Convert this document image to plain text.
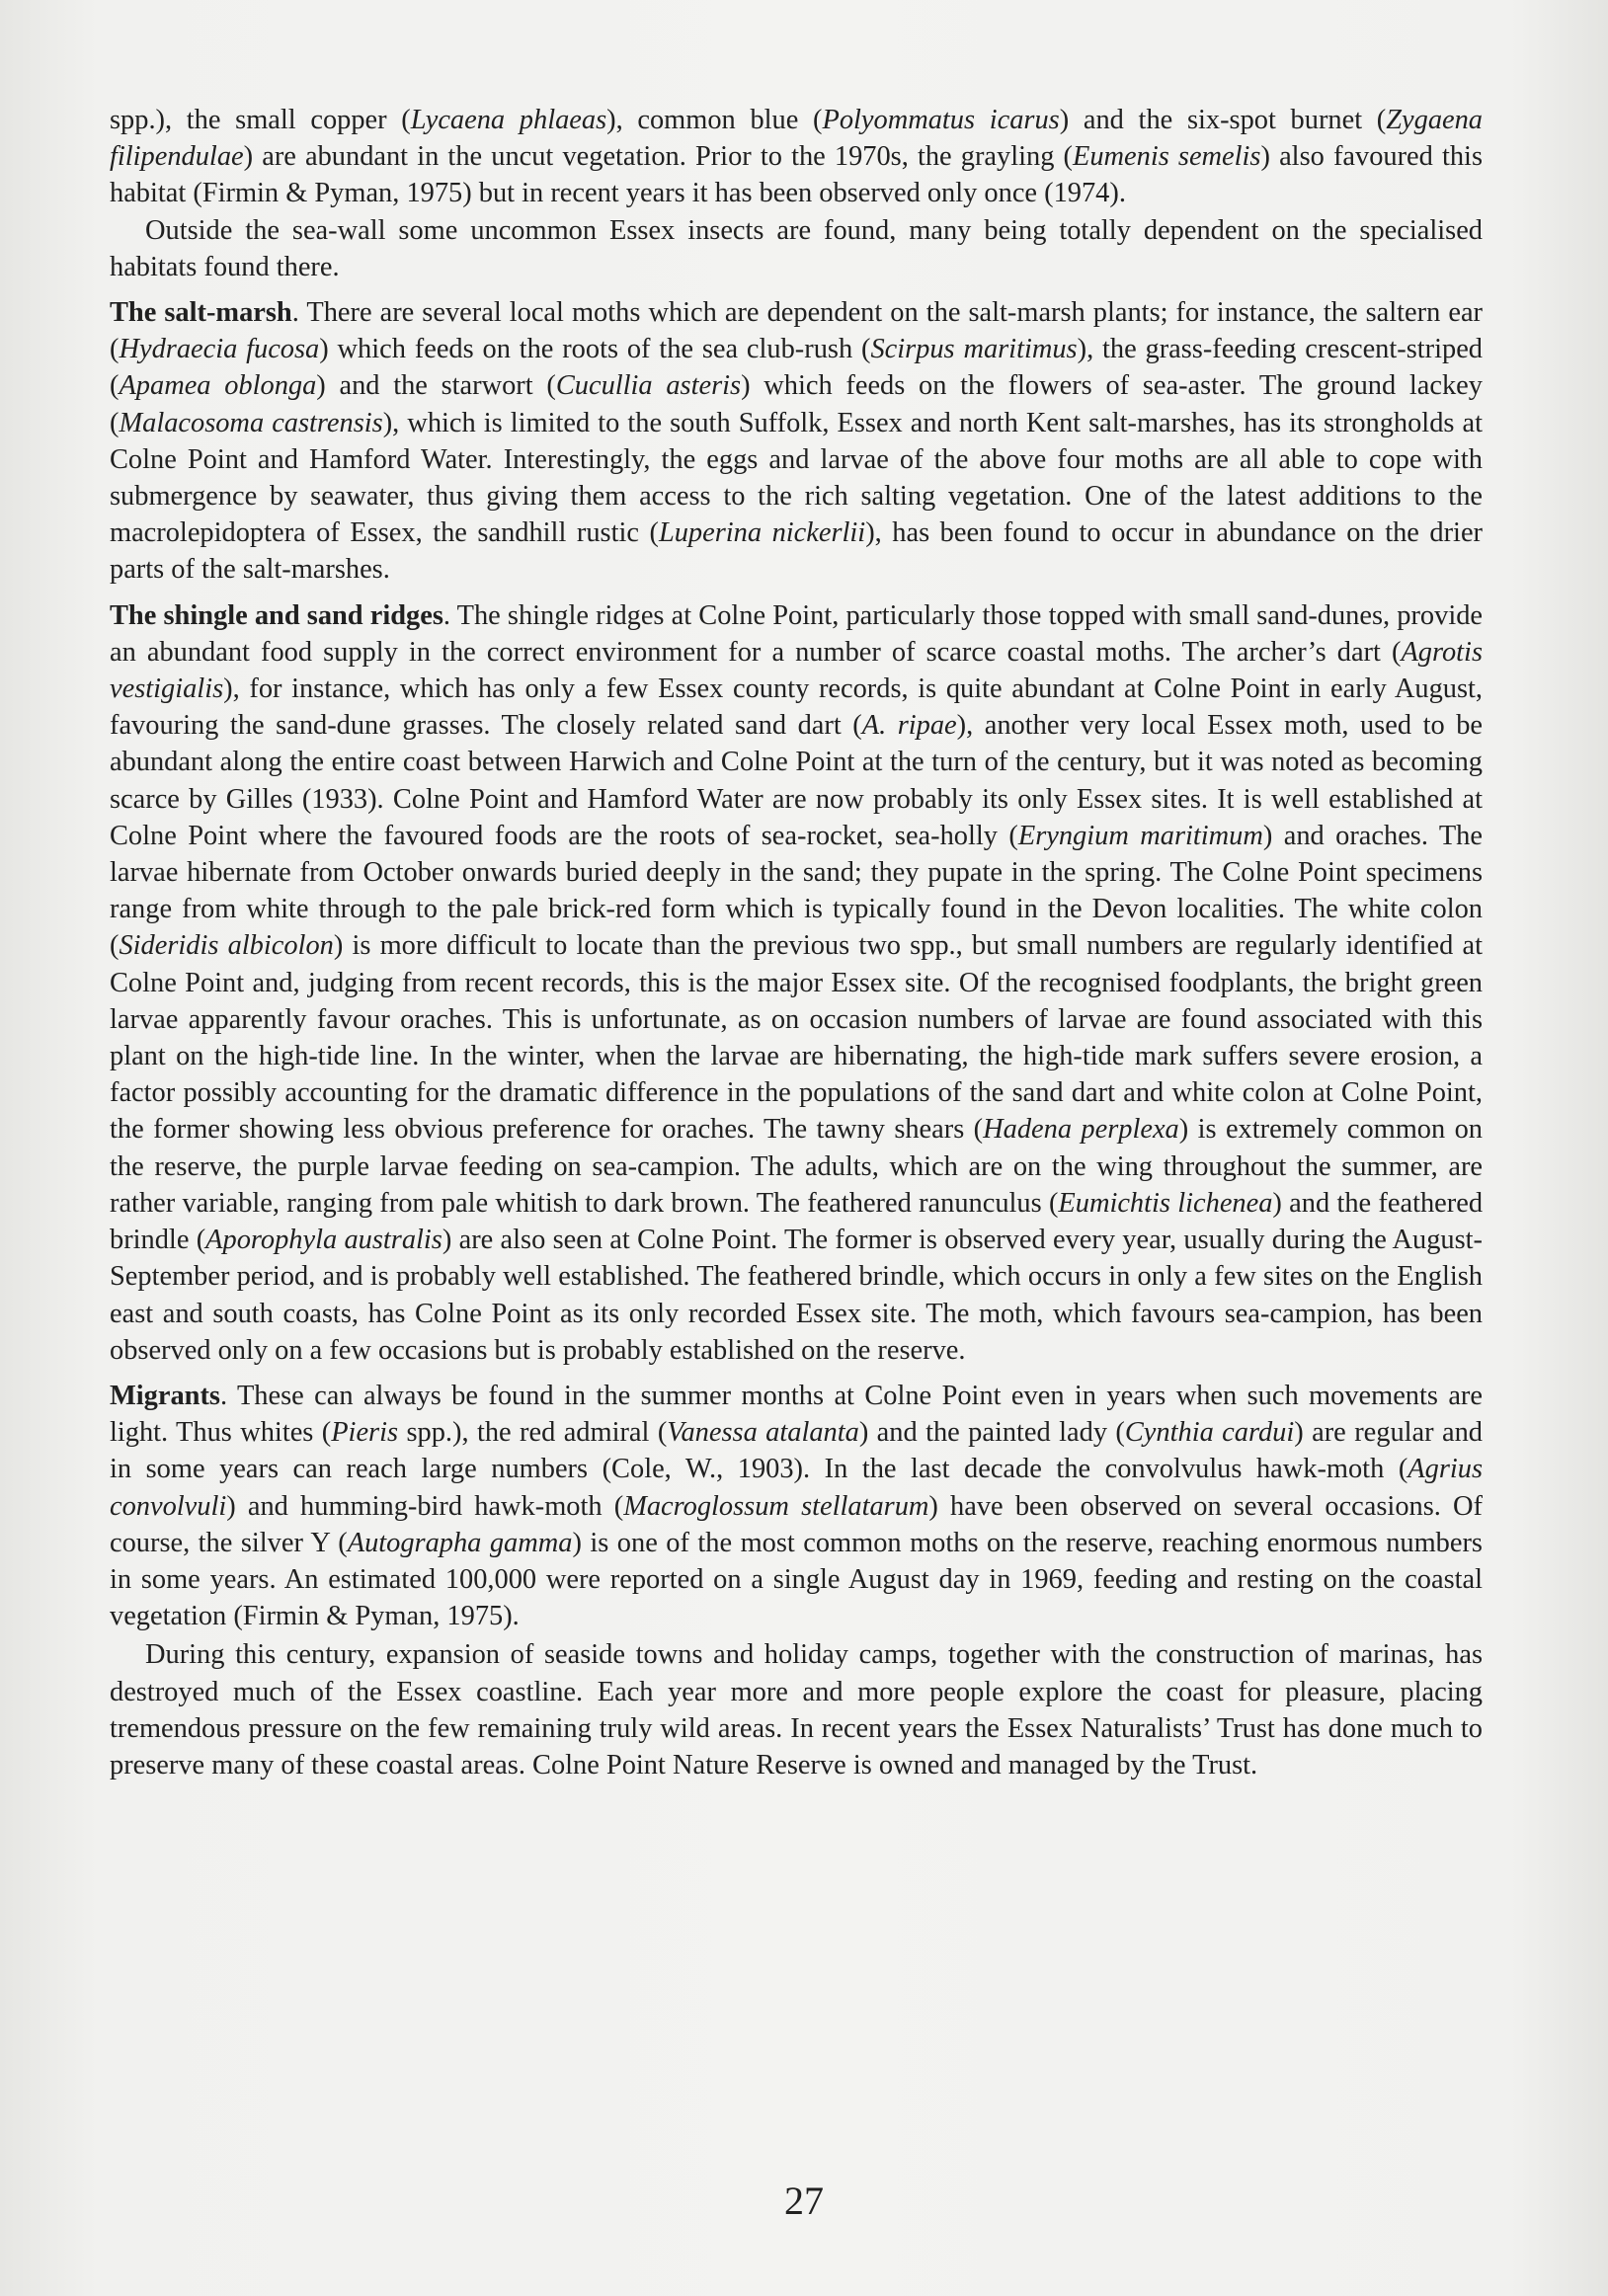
spp.), the small copper (Lycaena phlaeas), common blue (Polyommatus icarus) and the six-spot burnet (Zygaena filipendulae) are abundant in the uncut vegetation. Prior to the 1970s, the grayling (Eumenis semelis) also favoured this habitat (Firmin & Pyman, 1975) but in recent years it has been observed only once (1974).

Outside the sea-wall some uncommon Essex insects are found, many being totally dependent on the specialised habitats found there.

The salt-marsh. There are several local moths which are dependent on the salt-marsh plants; for instance, the saltern ear (Hydraecia fucosa) which feeds on the roots of the sea club-rush (Scirpus maritimus), the grass-feeding crescent-striped (Apamea oblonga) and the starwort (Cucullia asteris) which feeds on the flowers of sea-aster. The ground lackey (Malacosoma castrensis), which is limited to the south Suffolk, Essex and north Kent salt-marshes, has its strongholds at Colne Point and Hamford Water. Interestingly, the eggs and larvae of the above four moths are all able to cope with submergence by seawater, thus giving them access to the rich salting vegetation. One of the latest additions to the macrolepidoptera of Essex, the sandhill rustic (Luperina nickerlii), has been found to occur in abundance on the drier parts of the salt-marshes.

The shingle and sand ridges. The shingle ridges at Colne Point, particularly those topped with small sand-dunes, provide an abundant food supply in the correct environment for a number of scarce coastal moths. The archer’s dart (Agrotis vestigialis), for instance, which has only a few Essex county records, is quite abundant at Colne Point in early August, favouring the sand-dune grasses. The closely related sand dart (A. ripae), another very local Essex moth, used to be abundant along the entire coast between Harwich and Colne Point at the turn of the century, but it was noted as becoming scarce by Gilles (1933). Colne Point and Hamford Water are now probably its only Essex sites. It is well established at Colne Point where the favoured foods are the roots of sea-rocket, sea-holly (Eryngium maritimum) and oraches. The larvae hibernate from October onwards buried deeply in the sand; they pupate in the spring. The Colne Point specimens range from white through to the pale brick-red form which is typically found in the Devon localities. The white colon (Sideridis albicolon) is more difficult to locate than the previous two spp., but small numbers are regularly identified at Colne Point and, judging from recent records, this is the major Essex site. Of the recognised foodplants, the bright green larvae apparently favour oraches. This is unfortunate, as on occasion numbers of larvae are found associated with this plant on the high-tide line. In the winter, when the larvae are hibernating, the high-tide mark suffers severe erosion, a factor possibly accounting for the dramatic difference in the populations of the sand dart and white colon at Colne Point, the former showing less obvious preference for oraches. The tawny shears (Hadena perplexa) is extremely common on the reserve, the purple larvae feeding on sea-campion. The adults, which are on the wing throughout the summer, are rather variable, ranging from pale whitish to dark brown. The feathered ranunculus (Eumichtis lichenea) and the feathered brindle (Aporophyla australis) are also seen at Colne Point. The former is observed every year, usually during the August-September period, and is probably well established. The feathered brindle, which occurs in only a few sites on the English east and south coasts, has Colne Point as its only recorded Essex site. The moth, which favours sea-campion, has been observed only on a few occasions but is probably established on the reserve.

Migrants. These can always be found in the summer months at Colne Point even in years when such movements are light. Thus whites (Pieris spp.), the red admiral (Vanessa atalanta) and the painted lady (Cynthia cardui) are regular and in some years can reach large numbers (Cole, W., 1903). In the last decade the convolvulus hawk-moth (Agrius convolvuli) and humming-bird hawk-moth (Macroglossum stellatarum) have been observed on several occasions. Of course, the silver Y (Autographa gamma) is one of the most common moths on the reserve, reaching enormous numbers in some years. An estimated 100,000 were reported on a single August day in 1969, feeding and resting on the coastal vegetation (Firmin & Pyman, 1975).

During this century, expansion of seaside towns and holiday camps, together with the construction of marinas, has destroyed much of the Essex coastline. Each year more and more people explore the coast for pleasure, placing tremendous pressure on the few remaining truly wild areas. In recent years the Essex Naturalists’ Trust has done much to preserve many of these coastal areas. Colne Point Nature Reserve is owned and managed by the Trust.

27
